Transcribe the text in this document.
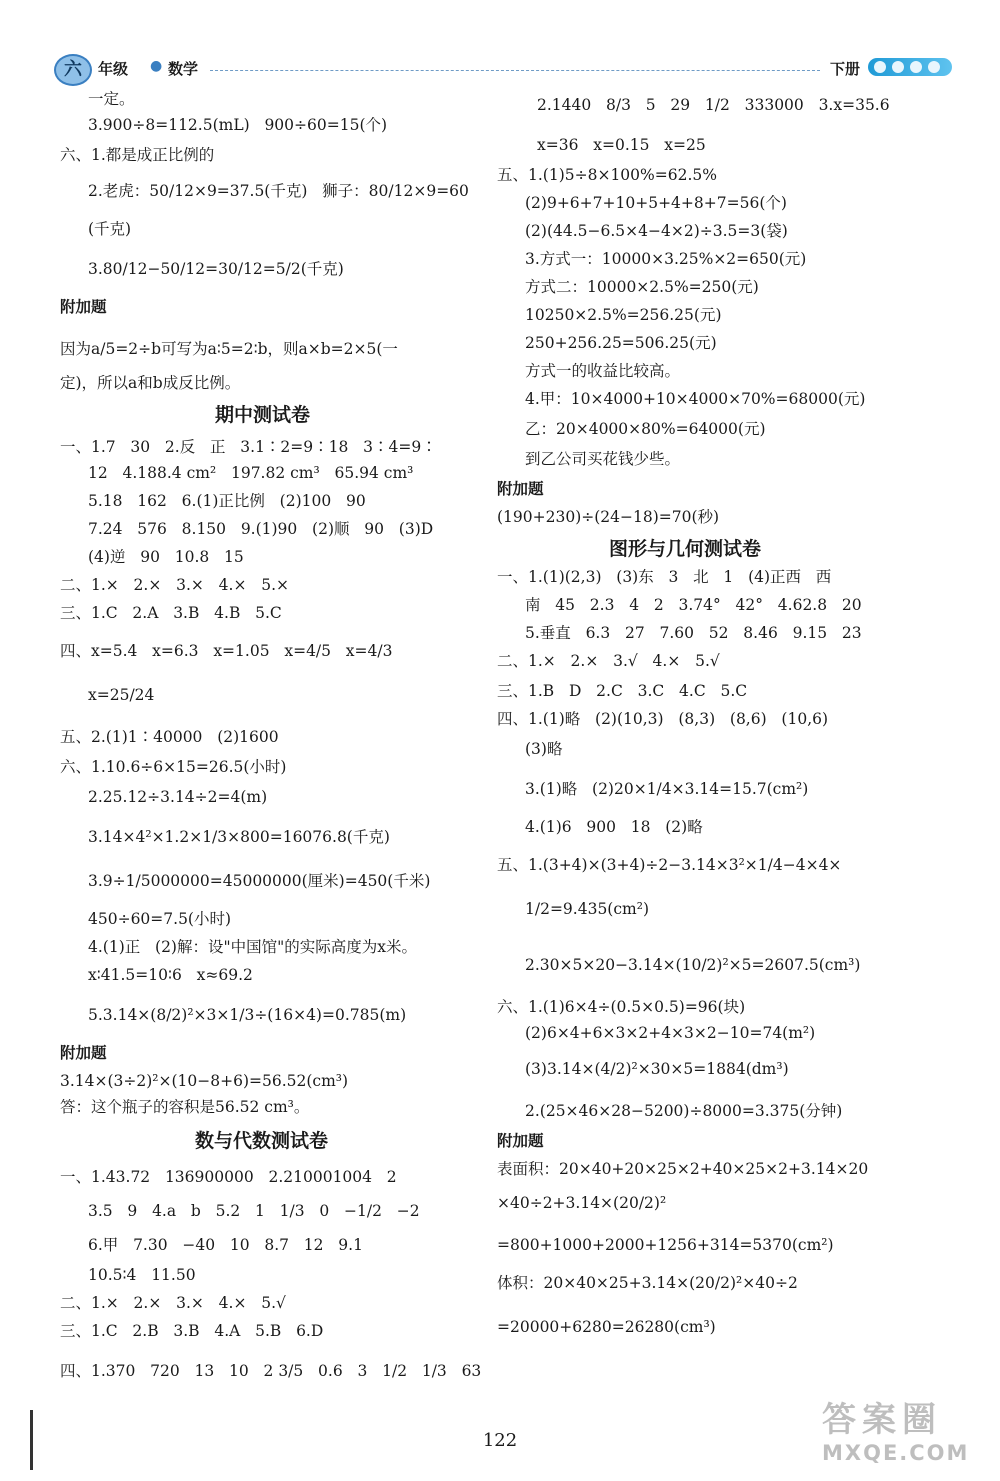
六	年级 ● 数学	下册
一定。
3.900÷8=112.5(mL)   900÷60=15(个)
六、1.都是成正比例的
2.老虎：50/12×9=37.5(千克)   狮子：80/12×9=60
(千克)
3.80/12−50/12=30/12=5/2(千克)
附加题
因为a/5=2÷b可写为a∶5=2∶b，则a×b=2×5(一
定)，所以a和b成反比例。
期中测试卷
一、1.7   30   2.反   正   3.1∶2=9∶18   3∶4=9∶
12   4.188.4 cm²   197.82 cm³   65.94 cm³
5.18   162   6.(1)正比例   (2)100   90
7.24   576   8.150   9.(1)90   (2)顺   90   (3)D
(4)逆   90   10.8   15
二、1.×   2.×   3.×   4.×   5.×
三、1.C   2.A   3.B   4.B   5.C
四、x=5.4   x=6.3   x=1.05   x=4/5   x=4/3
x=25/24
五、2.(1)1∶40000   (2)1600
六、1.10.6÷6×15=26.5(小时)
2.25.12÷3.14÷2=4(m)
3.14×4²×1.2×1/3×800=16076.8(千克)
3.9÷1/5000000=45000000(厘米)=450(千米)
450÷60=7.5(小时)
4.(1)正   (2)解：设"中国馆"的实际高度为x米。
x∶41.5=10∶6   x≈69.2
5.3.14×(8/2)²×3×1/3÷(16×4)=0.785(m)
附加题
3.14×(3÷2)²×(10−8+6)=56.52(cm³)
答：这个瓶子的容积是56.52 cm³。
数与代数测试卷
一、1.43.72   136900000   2.210001004   2
3.5   9   4.a   b   5.2   1   1/3   0   −1/2   −2
6.甲   7.30   −40   10   8.7   12   9.1
10.5∶4   11.50
二、1.×   2.×   3.×   4.×   5.√
三、1.C   2.B   3.B   4.A   5.B   6.D
四、1.370   720   13   10   2 3/5   0.6   3   1/2   1/3   63
2.1440   8/3   5   29   1/2   333000   3.x=35.6
x=36   x=0.15   x=25
五、1.(1)5÷8×100%=62.5%
(2)9+6+7+10+5+4+8+7=56(个)
(2)(44.5−6.5×4−4×2)÷3.5=3(袋)
3.方式一：10000×3.25%×2=650(元)
方式二：10000×2.5%=250(元)
10250×2.5%=256.25(元)
250+256.25=506.25(元)
方式一的收益比较高。
4.甲：10×4000+10×4000×70%=68000(元)
乙：20×4000×80%=64000(元)
到乙公司买花钱少些。
附加题
(190+230)÷(24−18)=70(秒)
图形与几何测试卷
一、1.(1)(2,3)   (3)东   3   北   1   (4)正西   西
南   45   2.3   4   2   3.74°   42°   4.62.8   20
5.垂直   6.3   27   7.60   52   8.46   9.15   23
二、1.×   2.×   3.√   4.×   5.√
三、1.B   D   2.C   3.C   4.C   5.C
四、1.(1)略   (2)(10,3)   (8,3)   (8,6)   (10,6)
(3)略
3.(1)略   (2)20×1/4×3.14=15.7(cm²)
4.(1)6   900   18   (2)略
五、1.(3+4)×(3+4)÷2−3.14×3²×1/4−4×4×
1/2=9.435(cm²)
2.30×5×20−3.14×(10/2)²×5=2607.5(cm³)
六、1.(1)6×4÷(0.5×0.5)=96(块)
(2)6×4+6×3×2+4×3×2−10=74(m²)
(3)3.14×(4/2)²×30×5=1884(dm³)
2.(25×46×28−5200)÷8000=3.375(分钟)
附加题
表面积：20×40+20×25×2+40×25×2+3.14×20
×40÷2+3.14×(20/2)²
=800+1000+2000+1256+314=5370(cm²)
体积：20×40×25+3.14×(20/2)²×40÷2
=20000+6280=26280(cm³)
122
答案圈
MXQE.COM
